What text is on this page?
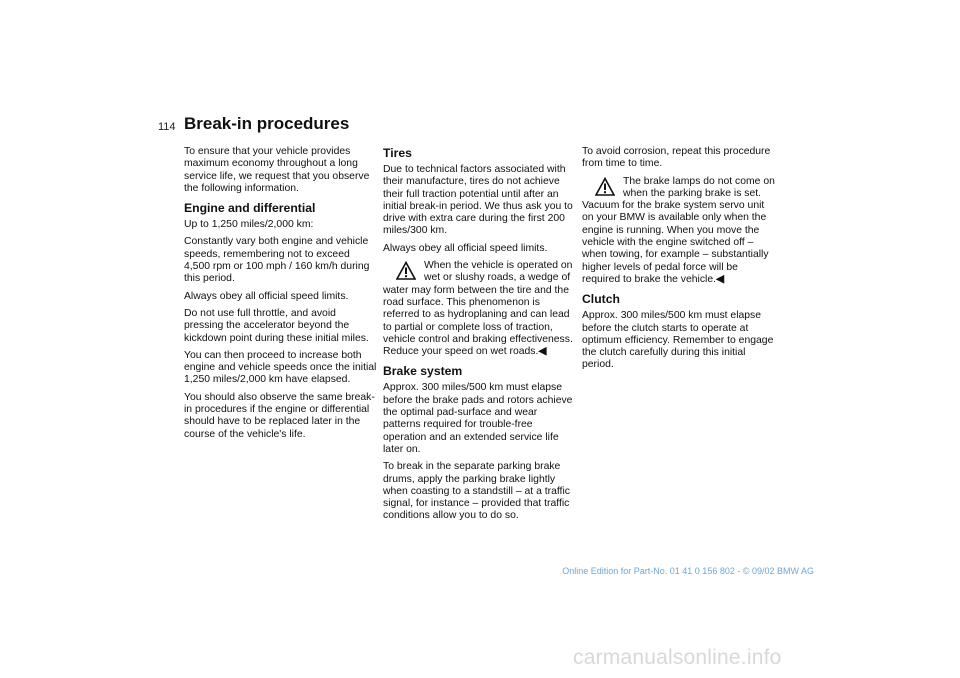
114 Break-in procedures

To ensure that your vehicle provides maximum economy throughout a long service life, we request that you observe the following information.

Engine and differential

Up to 1,250 miles/2,000 km:

Constantly vary both engine and vehicle speeds, remembering not to exceed 4,500 rpm or 100 mph / 160 km/h during this period.

Always obey all official speed limits.

Do not use full throttle, and avoid pressing the accelerator beyond the kickdown point during these initial miles.

You can then proceed to increase both engine and vehicle speeds once the initial 1,250 miles/2,000 km have elapsed.

You should also observe the same break-in procedures if the engine or differential should have to be replaced later in the course of the vehicle's life.

Tires

Due to technical factors associated with their manufacture, tires do not achieve their full traction potential until after an initial break-in period. We thus ask you to drive with extra care during the first 200 miles/300 km.

Always obey all official speed limits.

When the vehicle is operated on wet or slushy roads, a wedge of water may form between the tire and the road surface. This phenomenon is referred to as hydroplaning and can lead to partial or complete loss of traction, vehicle control and braking effectiveness. Reduce your speed on wet roads.◀

Brake system

Approx. 300 miles/500 km must elapse before the brake pads and rotors achieve the optimal pad-surface and wear patterns required for trouble-free operation and an extended service life later on.

To break in the separate parking brake drums, apply the parking brake lightly when coasting to a standstill – at a traffic signal, for instance – provided that traffic conditions allow you to do so.

To avoid corrosion, repeat this procedure from time to time.

The brake lamps do not come on when the parking brake is set. Vacuum for the brake system servo unit on your BMW is available only when the engine is running. When you move the vehicle with the engine switched off – when towing, for example – substantially higher levels of pedal force will be required to brake the vehicle.◀

Clutch

Approx. 300 miles/500 km must elapse before the clutch starts to operate at optimum efficiency. Remember to engage the clutch carefully during this initial period.

Online Edition for Part-No. 01 41 0 156 802 - © 09/02 BMW AG
carmanualsonline.info
